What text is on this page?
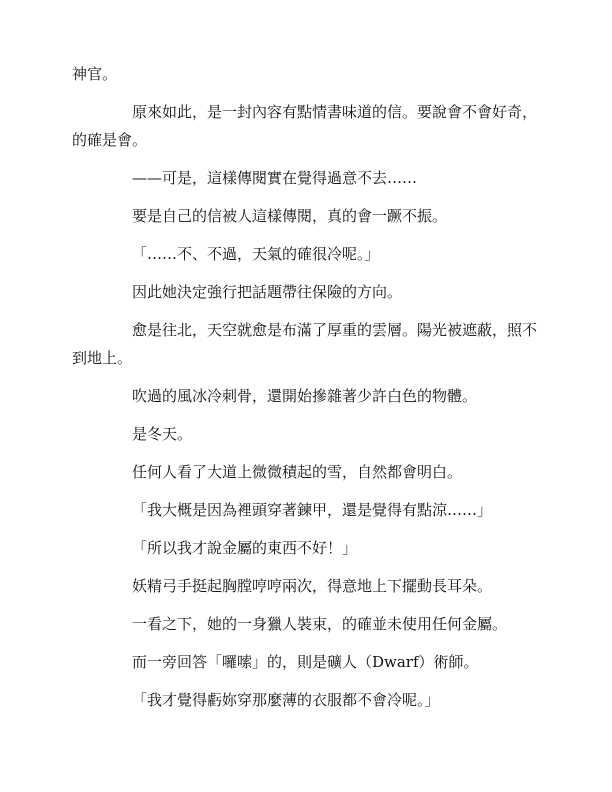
神官。

原來如此，是一封內容有點情書味道的信。要說會不會好奇，的確是會。

——可是，這樣傳閱實在覺得過意不去……

要是自己的信被人這樣傳閱，真的會一蹶不振。

「……不、不過，天氣的確很冷呢。」

因此她決定強行把話題帶往保險的方向。

愈是往北，天空就愈是布滿了厚重的雲層。陽光被遮蔽，照不到地上。

吹過的風冰冷刺骨，還開始摻雜著少許白色的物體。

是冬天。

任何人看了大道上微微積起的雪，自然都會明白。

「我大概是因為裡頭穿著鍊甲，還是覺得有點涼……」

「所以我才說金屬的東西不好！」

妖精弓手挺起胸膛哼哼兩次，得意地上下擺動長耳朵。

一看之下，她的一身獵人裝束，的確並未使用任何金屬。

而一旁回答「囉嗦」的，則是礦人（Dwarf）術師。

「我才覺得虧妳穿那麼薄的衣服都不會冷呢。」
